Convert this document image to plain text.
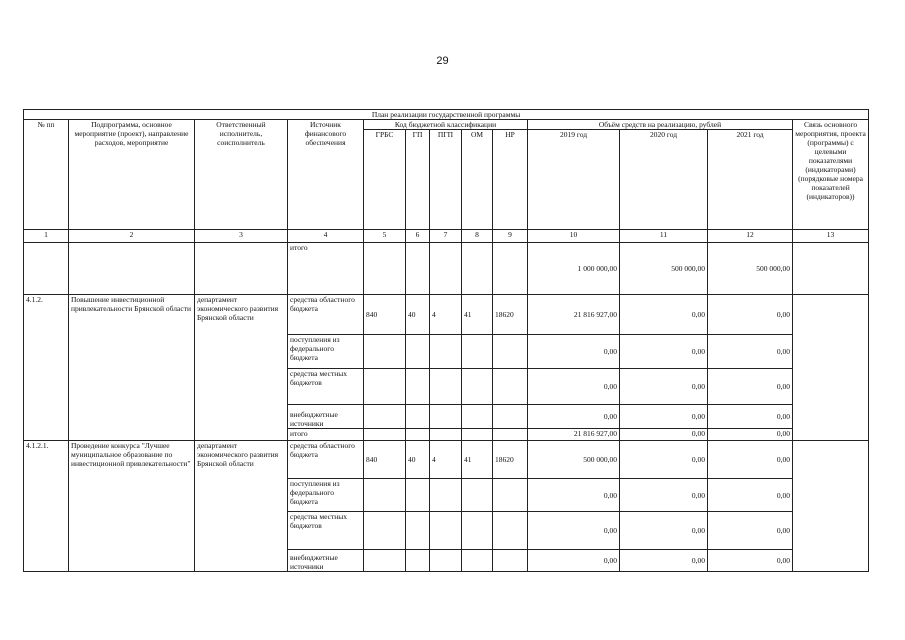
29
План реализации государственной программы												
№ пп	Подпрограмма, основное мероприятие (проект), направление расходов, мероприятие	Ответственный исполнитель, соисполнитель	Источник финансового обеспечения	Код бюджетной классификации					Объём средств на реализацию, рублей			Связь основного мероприятия, проекта (программы) с целевыми показателями (индикаторами) (порядковые номера показателей (индикаторов))
				ГРБС	ГП	ПГП	ОМ	НР	2019 год	2020 год	2021 год	
1	2	3	4	5	6	7	8	9	10	11	12	13
			итого						1 000 000,00	500 000,00	500 000,00	
4.1.2.	Повышение инвестиционной привлекательности Брянской области	департамент экономического развития Брянской области	средства областного бюджета	840	40	4	41	18620	21 816 927,00	0,00	0,00	
			поступления из федерального бюджета						0,00	0,00	0,00	
			средства местных бюджетов						0,00	0,00	0,00	
			внебюджетные источники						0,00	0,00	0,00	
			итого						21 816 927,00	0,00	0,00	
4.1.2.1.	Проведение конкурса "Лучшее муниципальное образование по инвестиционной привлекательности"	департамент экономического развития Брянской области	средства областного бюджета	840	40	4	41	18620	500 000,00	0,00	0,00	
			поступления из федерального бюджета						0,00	0,00	0,00	
			средства местных бюджетов						0,00	0,00	0,00	
			внебюджетные источники						0,00	0,00	0,00	
